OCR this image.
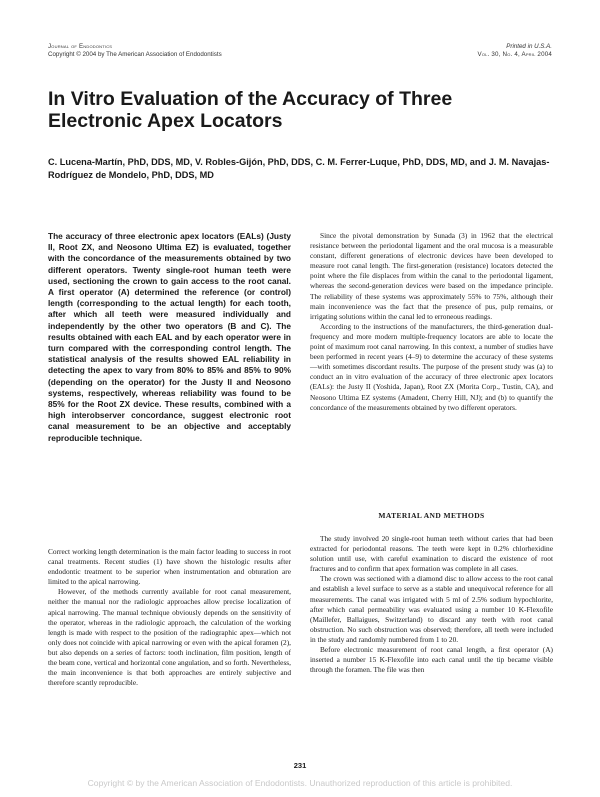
Journal of Endodontics
Copyright © 2004 by The American Association of Endodontists
Printed in U.S.A.
Vol. 30, No. 4, April 2004
In Vitro Evaluation of the Accuracy of Three Electronic Apex Locators
C. Lucena-Martín, PhD, DDS, MD, V. Robles-Gijón, PhD, DDS, C. M. Ferrer-Luque, PhD, DDS, MD, and J. M. Navajas-Rodríguez de Mondelo, PhD, DDS, MD

The accuracy of three electronic apex locators (EALs) (Justy II, Root ZX, and Neosono Ultima EZ) is evaluated, together with the concordance of the measurements obtained by two different operators. Twenty single-root human teeth were used, sectioning the crown to gain access to the root canal. A first operator (A) determined the reference (or control) length (corresponding to the actual length) for each tooth, after which all teeth were measured individually and independently by the other two operators (B and C). The results obtained with each EAL and by each operator were in turn compared with the corresponding control length. The statistical analysis of the results showed EAL reliability in detecting the apex to vary from 80% to 85% and 85% to 90% (depending on the operator) for the Justy II and Neosono systems, respectively, whereas reliability was found to be 85% for the Root ZX device. These results, combined with a high interobserver concordance, suggest electronic root canal measurement to be an objective and acceptably reproducible technique.

Correct working length determination is the main factor leading to success in root canal treatments. Recent studies (1) have shown the histologic results after endodontic treatment to be superior when instrumentation and obturation are limited to the apical narrowing.

However, of the methods currently available for root canal measurement, neither the manual nor the radiologic approaches allow precise localization of apical narrowing. The manual technique obviously depends on the sensitivity of the operator, whereas in the radiologic approach, the calculation of the working length is made with respect to the position of the radiographic apex—which not only does not coincide with apical narrowing or even with the apical foramen (2), but also depends on a series of factors: tooth inclination, film position, length of the beam cone, vertical and horizontal cone angulation, and so forth. Nevertheless, the main inconvenience is that both approaches are entirely subjective and therefore scantly reproducible.

Since the pivotal demonstration by Sunada (3) in 1962 that the electrical resistance between the periodontal ligament and the oral mucosa is a measurable constant, different generations of electronic devices have been developed to measure root canal length. The first-generation (resistance) locators detected the point where the file displaces from within the canal to the periodontal ligament, whereas the second-generation devices were based on the impedance principle. The reliability of these systems was approximately 55% to 75%, although their main inconvenience was the fact that the presence of pus, pulp remains, or irrigating solutions within the canal led to erroneous readings.

According to the instructions of the manufacturers, the third-generation dual-frequency and more modern multiple-frequency locators are able to locate the point of maximum root canal narrowing. In this context, a number of studies have been performed in recent years (4–9) to determine the accuracy of these systems—with sometimes discordant results. The purpose of the present study was (a) to conduct an in vitro evaluation of the accuracy of three electronic apex locators (EALs): the Justy II (Yoshida, Japan), Root ZX (Morita Corp., Tustin, CA), and Neosono Ultima EZ systems (Amadent, Cherry Hill, NJ); and (b) to quantify the concordance of the measurements obtained by two different operators.

MATERIAL AND METHODS

The study involved 20 single-root human teeth without caries that had been extracted for periodontal reasons. The teeth were kept in 0.2% chlorhexidine solution until use, with careful examination to discard the existence of root fractures and to confirm that apex formation was complete in all cases.

The crown was sectioned with a diamond disc to allow access to the root canal and establish a level surface to serve as a stable and unequivocal reference for all measurements. The canal was irrigated with 5 ml of 2.5% sodium hypochlorite, after which canal permeability was evaluated using a number 10 K-Flexofile (Maillefer, Ballaigues, Switzerland) to discard any teeth with root canal obstruction. No such obstruction was observed; therefore, all teeth were included in the study and randomly numbered from 1 to 20.

Before electronic measurement of root canal length, a first operator (A) inserted a number 15 K-Flexofile into each canal until the tip became visible through the foramen. The file was then

231
Copyright © by the American Association of Endodontists. Unauthorized reproduction of this article is prohibited.
